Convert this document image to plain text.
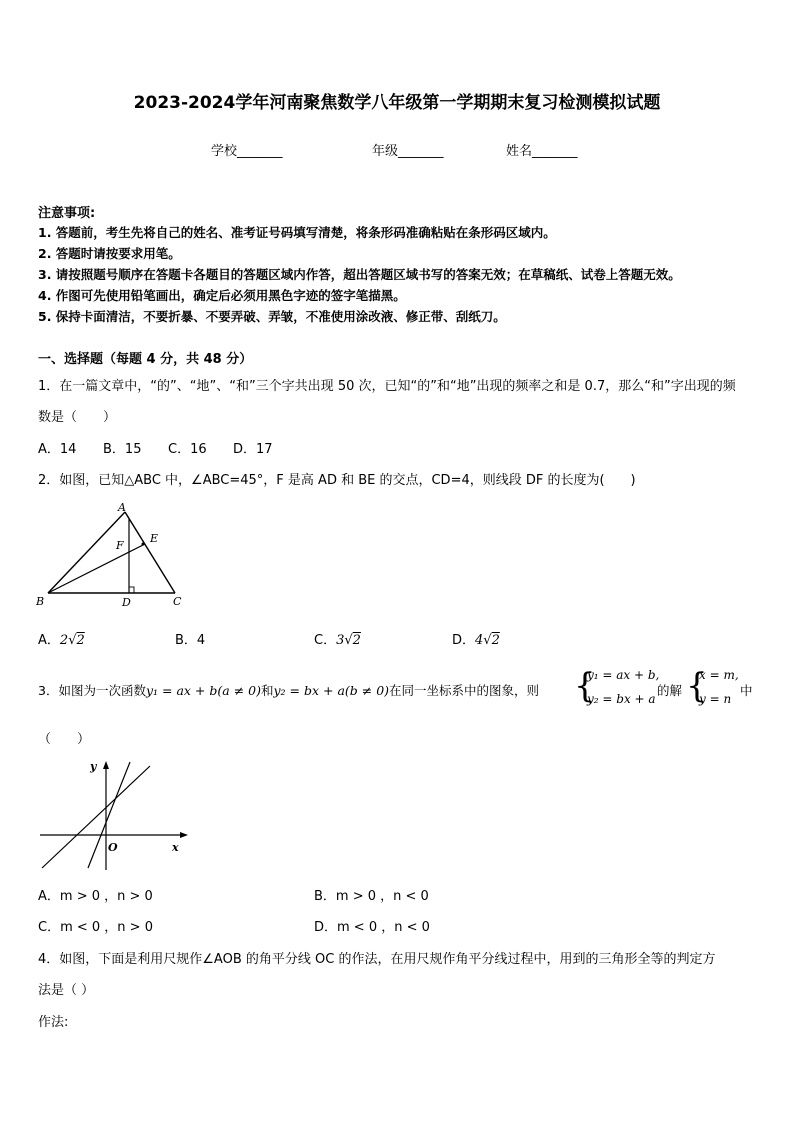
2023-2024学年河南聚焦数学八年级第一学期期末复习检测模拟试题
学校_______	年级_______	姓名_______
注意事项:
1. 答题前，考生先将自己的姓名、准考证号码填写清楚，将条形码准确粘贴在条形码区域内。
2. 答题时请按要求用笔。
3. 请按照题号顺序在答题卡各题目的答题区域内作答，超出答题区域书写的答案无效；在草稿纸、试卷上答题无效。
4. 作图可先使用铅笔画出，确定后必须用黑色字迹的签字笔描黑。
5. 保持卡面清洁，不要折暴、不要弄破、弄皱，不准使用涂改液、修正带、刮纸刀。
一、选择题（每题 4 分，共 48 分）
1．在一篇文章中，“的”、“地”、“和”三个字共出现 50 次，已知“的”和“地”出现的频率之和是 0.7，那么“和”字出现的频
数是（　　）
A．14 B．15 C．16 D．17
2．如图，已知△ABC 中，∠ABC=45°，F 是高 AD 和 BE 的交点，CD=4，则线段 DF 的长度为(　　)
A
B	C
D
E
F
A．2√2	B．4	C．3√2	D．4√2
3．如图为一次函数y₁ = ax + b(a ≠ 0)和y₂ = bx + a(b ≠ 0)在同一坐标系中的图象，则 {
y₁ = ax + b,
y₂ = bx + a
的解 {
x = m,
y = n
中
（　　）
y
x
O
A．m > 0 ，n > 0	B．m > 0 ，n < 0
C．m < 0 ，n > 0	D．m < 0 ，n < 0
4．如图，下面是利用尺规作∠AOB 的角平分线 OC 的作法，在用尺规作角平分线过程中，用到的三角形全等的判定方
法是（ ）
作法:
